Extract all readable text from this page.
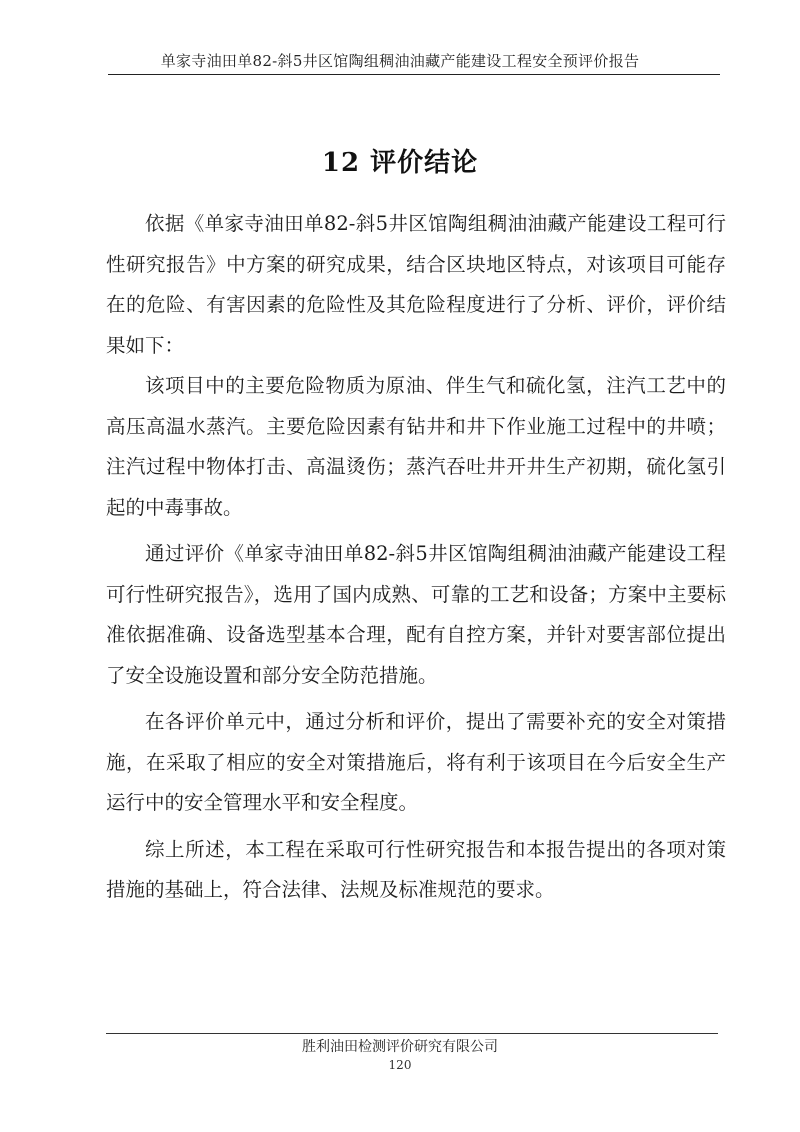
单家寺油田单82-斜5井区馆陶组稠油油藏产能建设工程安全预评价报告
12 评价结论

依据《单家寺油田单82-斜5井区馆陶组稠油油藏产能建设工程可行性研究报告》中方案的研究成果，结合区块地区特点，对该项目可能存在的危险、有害因素的危险性及其危险程度进行了分析、评价，评价结果如下：

该项目中的主要危险物质为原油、伴生气和硫化氢，注汽工艺中的高压高温水蒸汽。主要危险因素有钻井和井下作业施工过程中的井喷；注汽过程中物体打击、高温烫伤；蒸汽吞吐井开井生产初期，硫化氢引起的中毒事故。

通过评价《单家寺油田单82-斜5井区馆陶组稠油油藏产能建设工程可行性研究报告》，选用了国内成熟、可靠的工艺和设备；方案中主要标准依据准确、设备选型基本合理，配有自控方案，并针对要害部位提出了安全设施设置和部分安全防范措施。

在各评价单元中，通过分析和评价，提出了需要补充的安全对策措施，在采取了相应的安全对策措施后，将有利于该项目在今后安全生产运行中的安全管理水平和安全程度。

综上所述，本工程在采取可行性研究报告和本报告提出的各项对策措施的基础上，符合法律、法规及标准规范的要求。

胜利油田检测评价研究有限公司
120
